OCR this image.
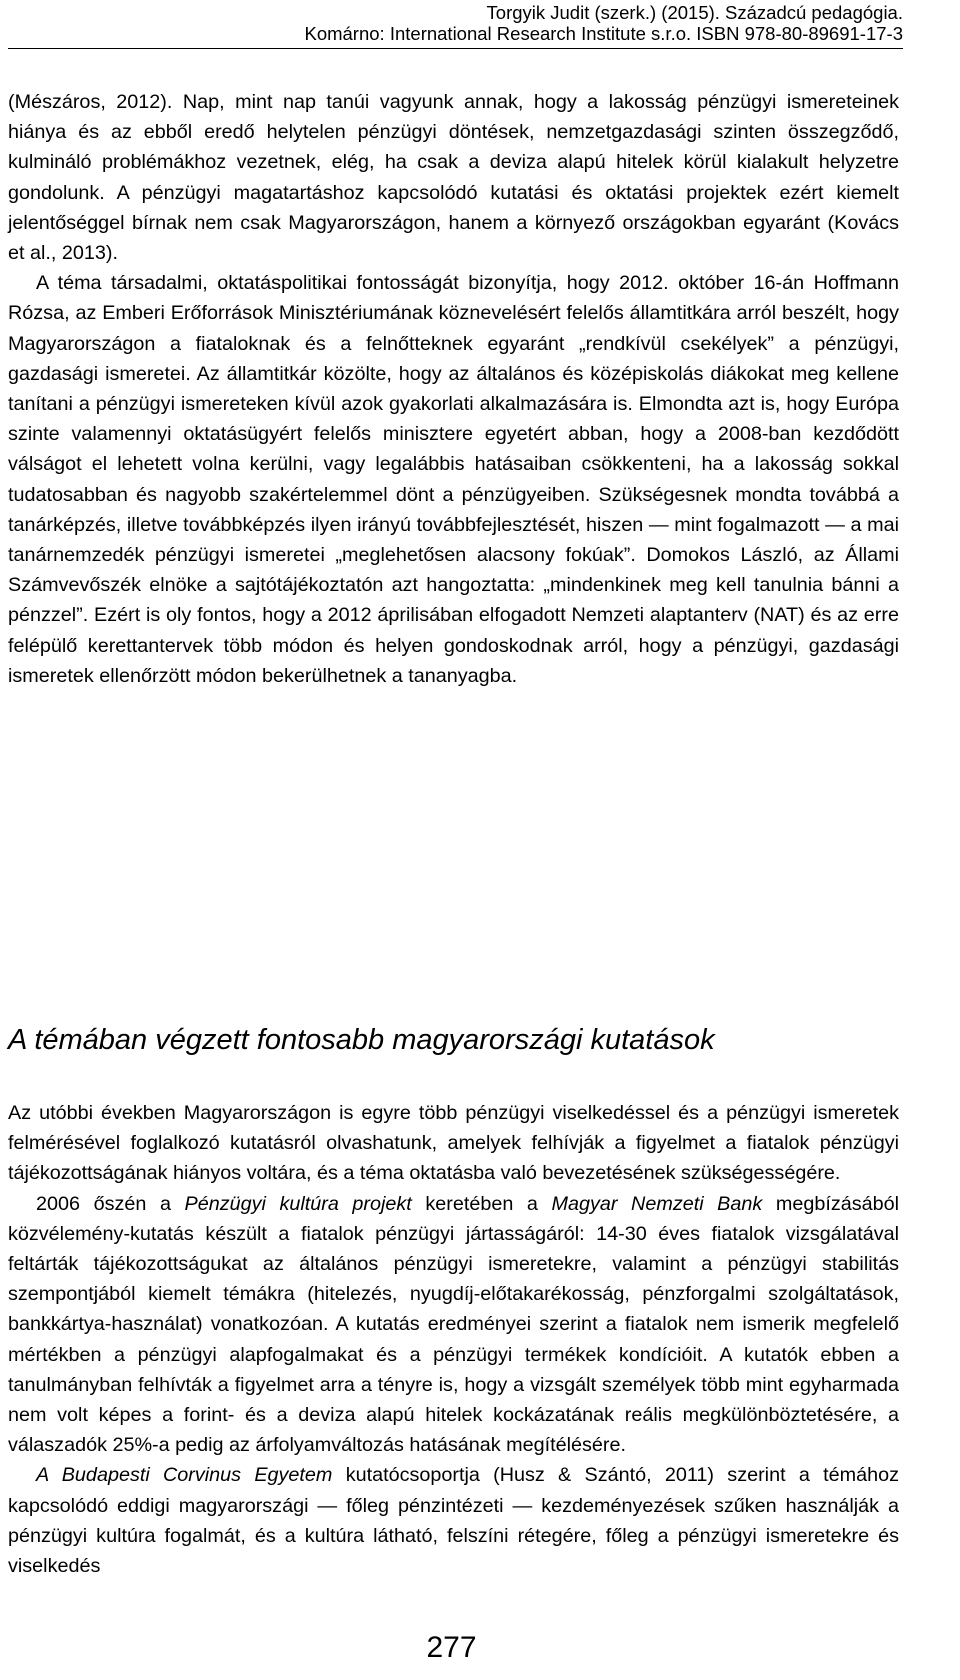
Torgyik Judit (szerk.) (2015). Századcú pedagógia.
Komárno: International Research Institute s.r.o. ISBN 978-80-89691-17-3

(Mészáros, 2012). Nap, mint nap tanúi vagyunk annak, hogy a lakosság pénzügyi ismereteinek hiánya és az ebből eredő helytelen pénzügyi döntések, nemzetgazdasági szinten összegződő, kulmináló problémákhoz vezetnek, elég, ha csak a deviza alapú hitelek körül kialakult helyzetre gondolunk. A pénzügyi magatartáshoz kapcsolódó kutatási és oktatási projektek ezért kiemelt jelentőséggel bírnak nem csak Magyarországon, hanem a környező országokban egyaránt (Kovács et al., 2013).

A téma társadalmi, oktatáspolitikai fontosságát bizonyítja, hogy 2012. október 16-án Hoffmann Rózsa, az Emberi Erőforrások Minisztériumának köznevelésért felelős államtitkára arról beszélt, hogy Magyarországon a fiataloknak és a felnőtteknek egyaránt „rendkívül csekélyek” a pénzügyi, gazdasági ismeretei. Az államtitkár közölte, hogy az általános és középiskolás diákokat meg kellene tanítani a pénzügyi ismereteken kívül azok gyakorlati alkalmazására is. Elmondta azt is, hogy Európa szinte valamennyi oktatásügyért felelős minisztere egyetért abban, hogy a 2008-ban kezdődött válságot el lehetett volna kerülni, vagy legalábbis hatásaiban csökkenteni, ha a lakosság sokkal tudatosabban és nagyobb szakértelemmel dönt a pénzügyeiben. Szükségesnek mondta továbbá a tanárképzés, illetve továbbképzés ilyen irányú továbbfejlesztését, hiszen — mint fogalmazott — a mai tanárnemzedék pénzügyi ismeretei „meglehetősen alacsony fokúak”. Domokos László, az Állami Számvevőszék elnöke a sajtótájékoztatón azt hangoztatta: „mindenkinek meg kell tanulnia bánni a pénzzel”. Ezért is oly fontos, hogy a 2012 áprilisában elfogadott Nemzeti alaptanterv (NAT) és az erre felépülő kerettantervek több módon és helyen gondoskodnak arról, hogy a pénzügyi, gazdasági ismeretek ellenőrzött módon bekerülhetnek a tananyagba.

A témában végzett fontosabb magyarországi kutatások

Az utóbbi években Magyarországon is egyre több pénzügyi viselkedéssel és a pénzügyi ismeretek felmérésével foglalkozó kutatásról olvashatunk, amelyek felhívják a figyelmet a fiatalok pénzügyi tájékozottságának hiányos voltára, és a téma oktatásba való bevezetésének szükségességére.

2006 őszén a Pénzügyi kultúra projekt keretében a Magyar Nemzeti Bank megbízásából közvélemény-kutatás készült a fiatalok pénzügyi jártasságáról: 14-30 éves fiatalok vizsgálatával feltárták tájékozottságukat az általános pénzügyi ismeretekre, valamint a pénzügyi stabilitás szempontjából kiemelt témákra (hitelezés, nyugdíj-előtakarékosság, pénzforgalmi szolgáltatások, bankkártya-használat) vonatkozóan. A kutatás eredményei szerint a fiatalok nem ismerik megfelelő mértékben a pénzügyi alapfogalmakat és a pénzügyi termékek kondícióit. A kutatók ebben a tanulmányban felhívták a figyelmet arra a tényre is, hogy a vizsgált személyek több mint egyharmada nem volt képes a forint- és a deviza alapú hitelek kockázatának reális megkülönböztetésére, a válaszadók 25%-a pedig az árfolyamváltozás hatásának megítélésére.

A Budapesti Corvinus Egyetem kutatócsoportja (Husz & Szántó, 2011) szerint a témához kapcsolódó eddigi magyarországi — főleg pénzintézeti — kezdeményezések szűken használják a pénzügyi kultúra fogalmát, és a kultúra látható, felszíni rétegére, főleg a pénzügyi ismeretekre és viselkedés

277
